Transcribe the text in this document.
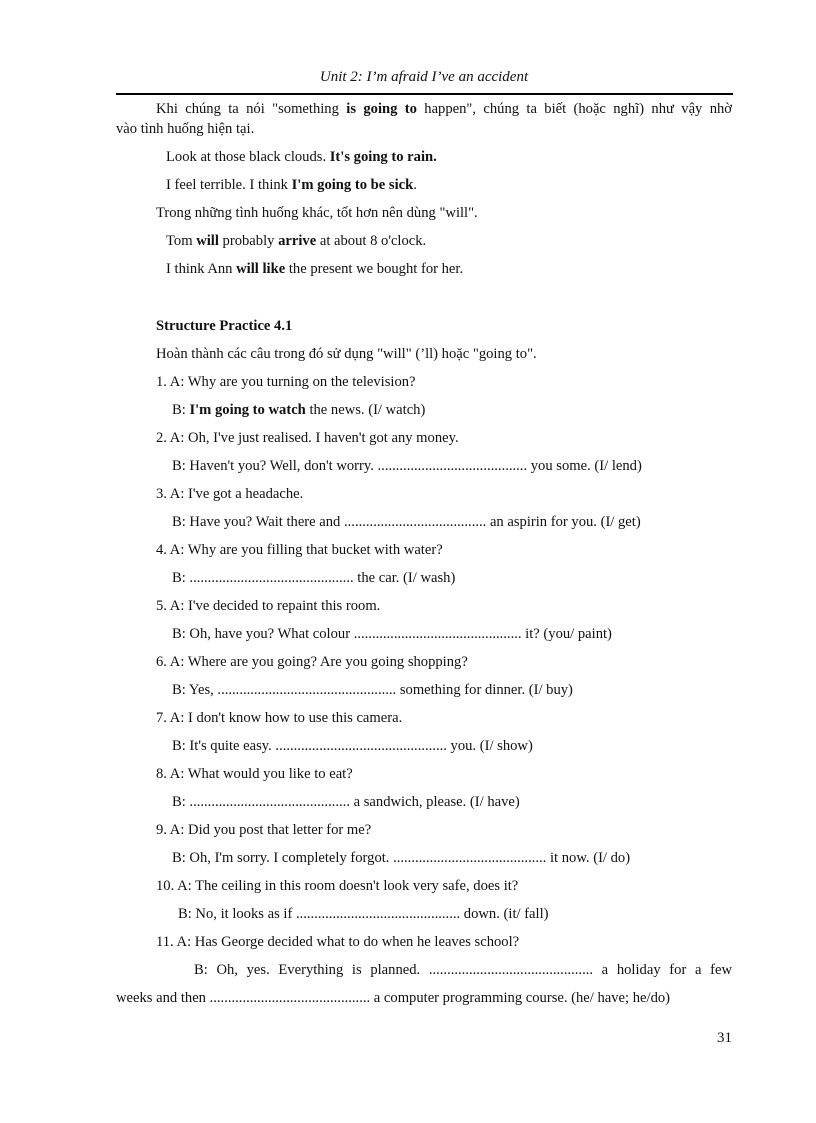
Unit 2: I’m afraid I’ve an accident
Khi chúng ta nói "something is going to happen", chúng ta biết (hoặc nghĩ) như vậy nhờ
vào tình huống hiện tại.
Look at those black clouds. It's going to rain.
I feel terrible. I think I'm going to be sick.
Trong những tình huống khác, tốt hơn nên dùng "will".
Tom will probably arrive at about 8 o'clock.
I think Ann will like the present we bought for her.
Structure Practice 4.1
Hoàn thành các câu trong đó sử dụng "will" (’ll) hoặc "going to".
1. A: Why are you turning on the television?
B: I'm going to watch the news. (I/ watch)
2. A: Oh, I've just realised. I haven't got any money.
B: Haven't you? Well, don't worry. ......................................... you some. (I/ lend)
3. A: I've got a headache.
B: Have you? Wait there and ....................................... an aspirin for you. (I/ get)
4. A: Why are you filling that bucket with water?
B: ............................................. the car. (I/ wash)
5. A: I've decided to repaint this room.
B: Oh, have you? What colour .............................................. it? (you/ paint)
6. A: Where are you going? Are you going shopping?
B: Yes, ................................................. something for dinner. (I/ buy)
7. A: I don't know how to use this camera.
B: It's quite easy. ............................................... you. (I/ show)
8. A: What would you like to eat?
B: ............................................ a sandwich, please. (I/ have)
9. A: Did you post that letter for me?
B: Oh, I'm sorry. I completely forgot. .......................................... it now. (I/ do)
10. A: The ceiling in this room doesn't look very safe, does it?
B: No, it looks as if ............................................. down. (it/ fall)
11. A: Has George decided what to do when he leaves school?
B: Oh, yes. Everything is planned. ............................................. a holiday for a few
weeks and then ............................................ a computer programming course. (he/ have; he/do)
31
